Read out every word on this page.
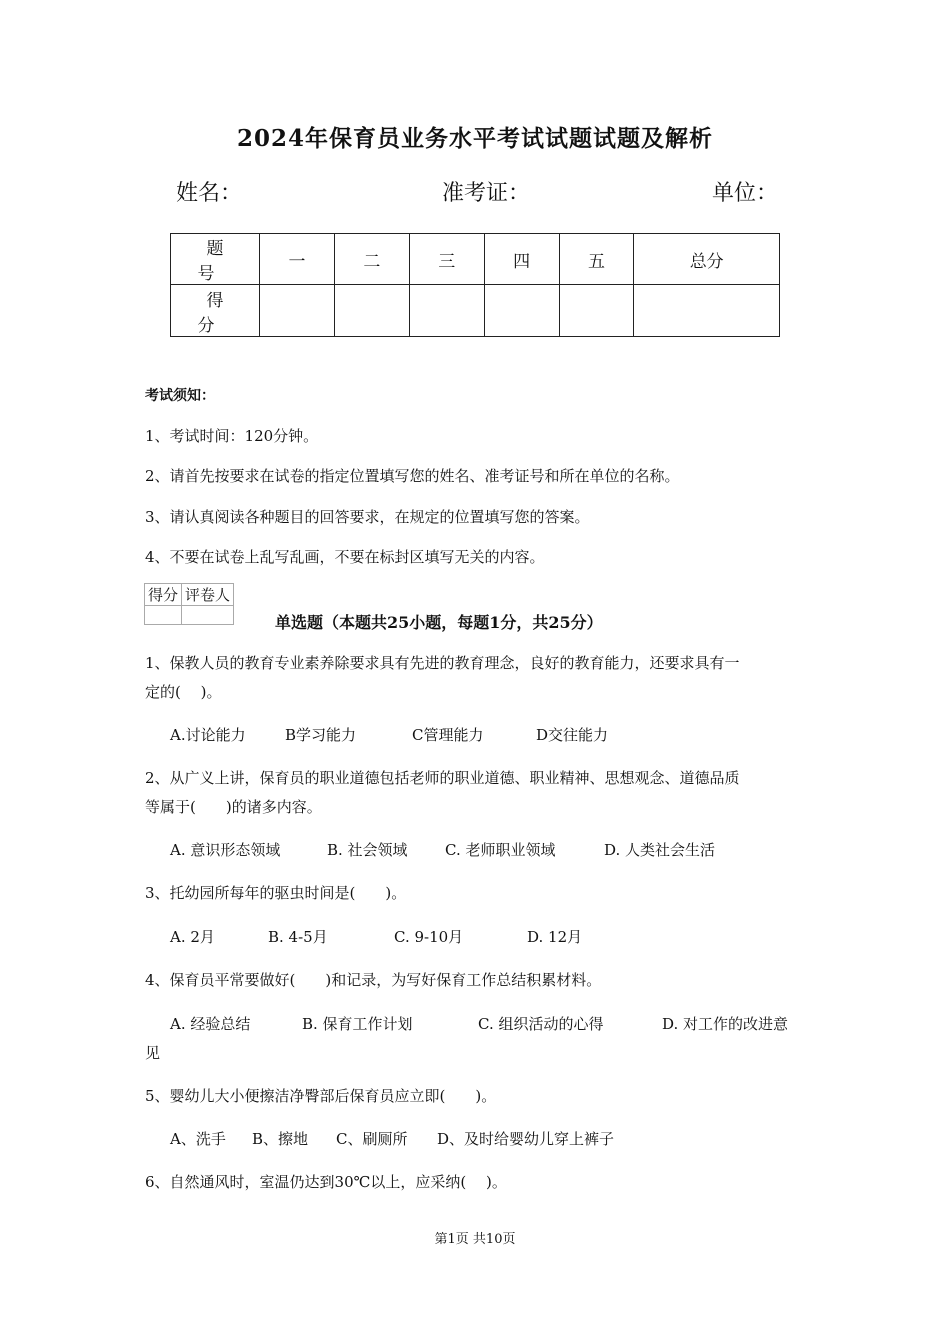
2024年保育员业务水平考试试题试题及解析
姓名：	准考证：	单位：
题　号	一	二	三	四	五	总分
得　分						
考试须知：
1、考试时间：120分钟。
2、请首先按要求在试卷的指定位置填写您的姓名、准考证号和所在单位的名称。
3、请认真阅读各种题目的回答要求，在规定的位置填写您的答案。
4、不要在试卷上乱写乱画，不要在标封区填写无关的内容。
得分	评卷人

单选题（本题共25小题，每题1分，共25分）
1、保教人员的教育专业素养除要求具有先进的教育理念，良好的教育能力，还要求具有一
定的(　 )。
A.讨论能力	B学习能力	C管理能力	D交往能力
2、从广义上讲，保育员的职业道德包括老师的职业道德、职业精神、思想观念、道德品质
等属于(　　)的诸多内容。
A. 意识形态领域	B. 社会领域 C. 老师职业领域	D. 人类社会生活
3、托幼园所每年的驱虫时间是(　　)。
A. 2月	B. 4-5月	C. 9-10月	D. 12月
4、保育员平常要做好(　　)和记录，为写好保育工作总结积累材料。
A. 经验总结	B. 保育工作计划	C. 组织活动的心得	D. 对工作的改进意
见
5、婴幼儿大小便擦洁净臀部后保育员应立即(　　)。
A、洗手 B、擦地 C、刷厕所 D、及时给婴幼儿穿上裤子
6、自然通风时，室温仍达到30℃以上，应采纳(　 )。
第1页 共10页
